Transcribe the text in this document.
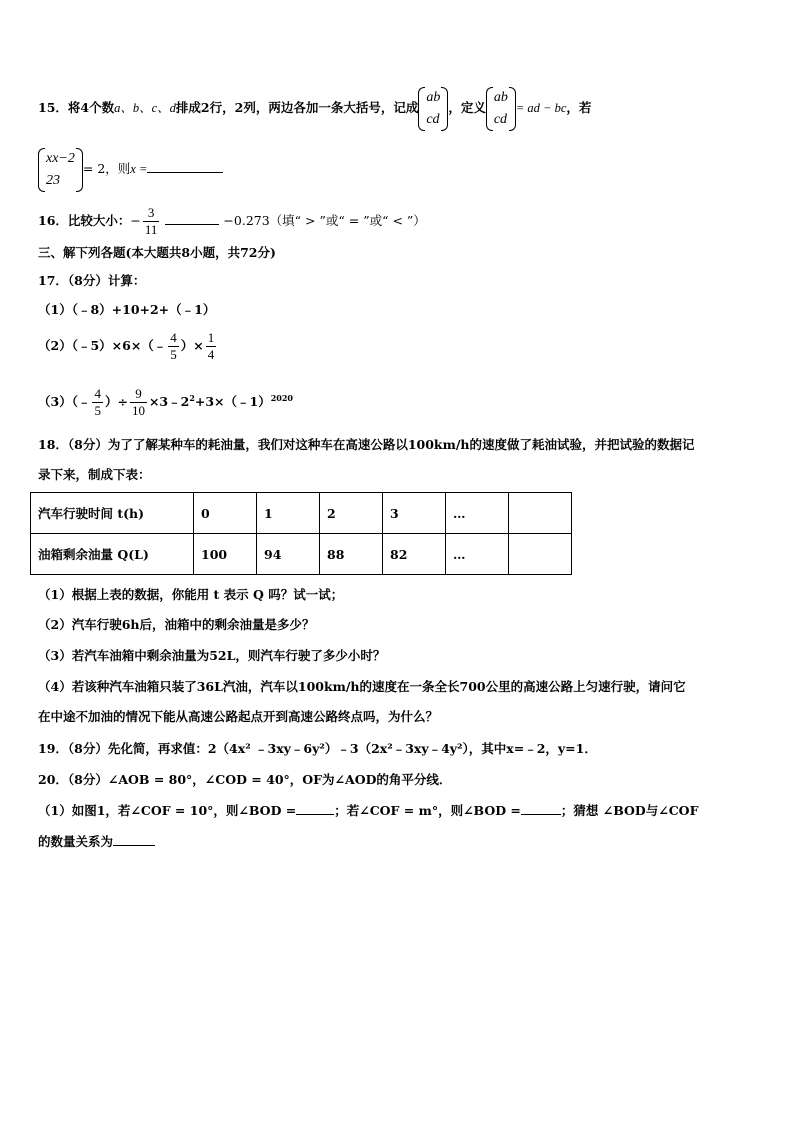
15．将4个数a、b、c、d排成2行，2列，两边各加一条大括号，记成
ab
cd
，定义
ab
cd
= ad − bc，若
xx−2
23
= 2，则x =
16．比较大小：− $\frac{3}{11}$	−0.273（填“ > ”或“ = ”或“ < ”）
三、解下列各题(本大题共8小题，共72分)
17．（8分）计算：
（1）（﹣8）+10+2+（﹣1）
（2）（﹣5）×6×（﹣ $\frac{4}{5}$ ）× $\frac{1}{4}$
（3）（﹣ $\frac{4}{5}$ ）÷ $\frac{9}{10}$ $\times 3﹣2^2+3\times(﹣1)^{2020}$
18．（8分）为了了解某种车的耗油量，我们对这种车在高速公路以100km/h的速度做了耗油试验，并把试验的数据记
录下来，制成下表：
汽车行驶时间 t(h)	0	1	2	3	…	
油箱剩余油量 Q(L)	100	94	88	82	…	
（1）根据上表的数据，你能用 t 表示 Q 吗？试一试；
（2）汽车行驶6h后，油箱中的剩余油量是多少？
（3）若汽车油箱中剩余油量为52L，则汽车行驶了多少小时？
（4）若该种汽车油箱只装了36L汽油，汽车以100km/h的速度在一条全长700公里的高速公路上匀速行驶，请问它
在中途不加油的情况下能从高速公路起点开到高速公路终点吗，为什么？
19．（8分）先化简，再求值：2（4x² ﹣3xy﹣6y²）﹣3（2x²﹣3xy﹣4y²），其中x=﹣2，y=1．
20．（8分）∠AOB = 80°，∠COD = 40°，OF为∠AOD的角平分线．
（1）如图1，若∠COF = 10°，则∠BOD =	；若∠COF = m°，则∠BOD =	；猜想 ∠BOD与∠COF
的数量关系为
